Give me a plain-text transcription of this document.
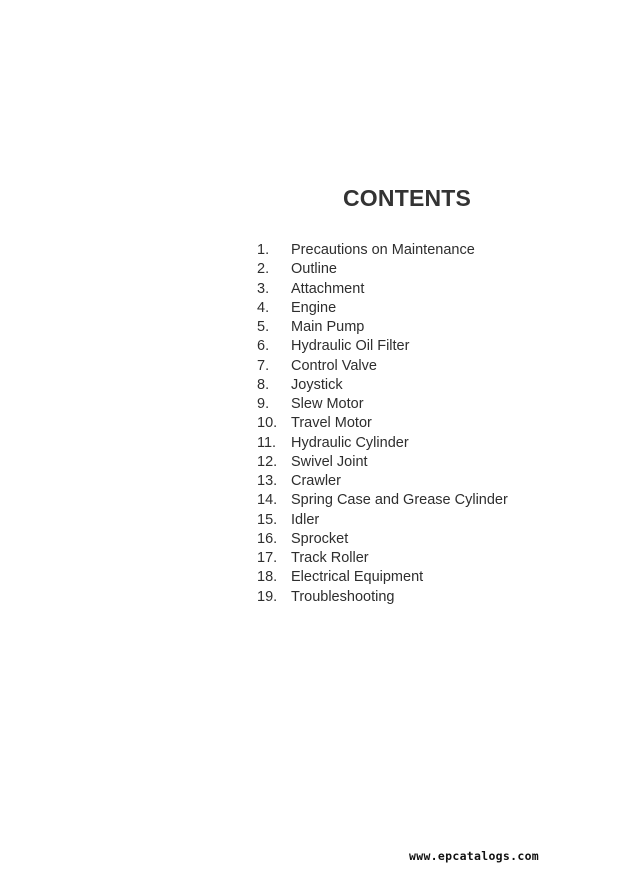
CONTENTS
1.	Precautions on Maintenance
2.	Outline
3.	Attachment
4.	Engine
5.	Main Pump
6.	Hydraulic Oil Filter
7.	Control Valve
8.	Joystick
9.	Slew Motor
10. Travel Motor
11.	Hydraulic Cylinder
12. Swivel Joint
13. Crawler
14. Spring Case and Grease Cylinder
15. Idler
16. Sprocket
17. Track Roller
18. Electrical Equipment
19. Troubleshooting

www.epcatalogs.com
